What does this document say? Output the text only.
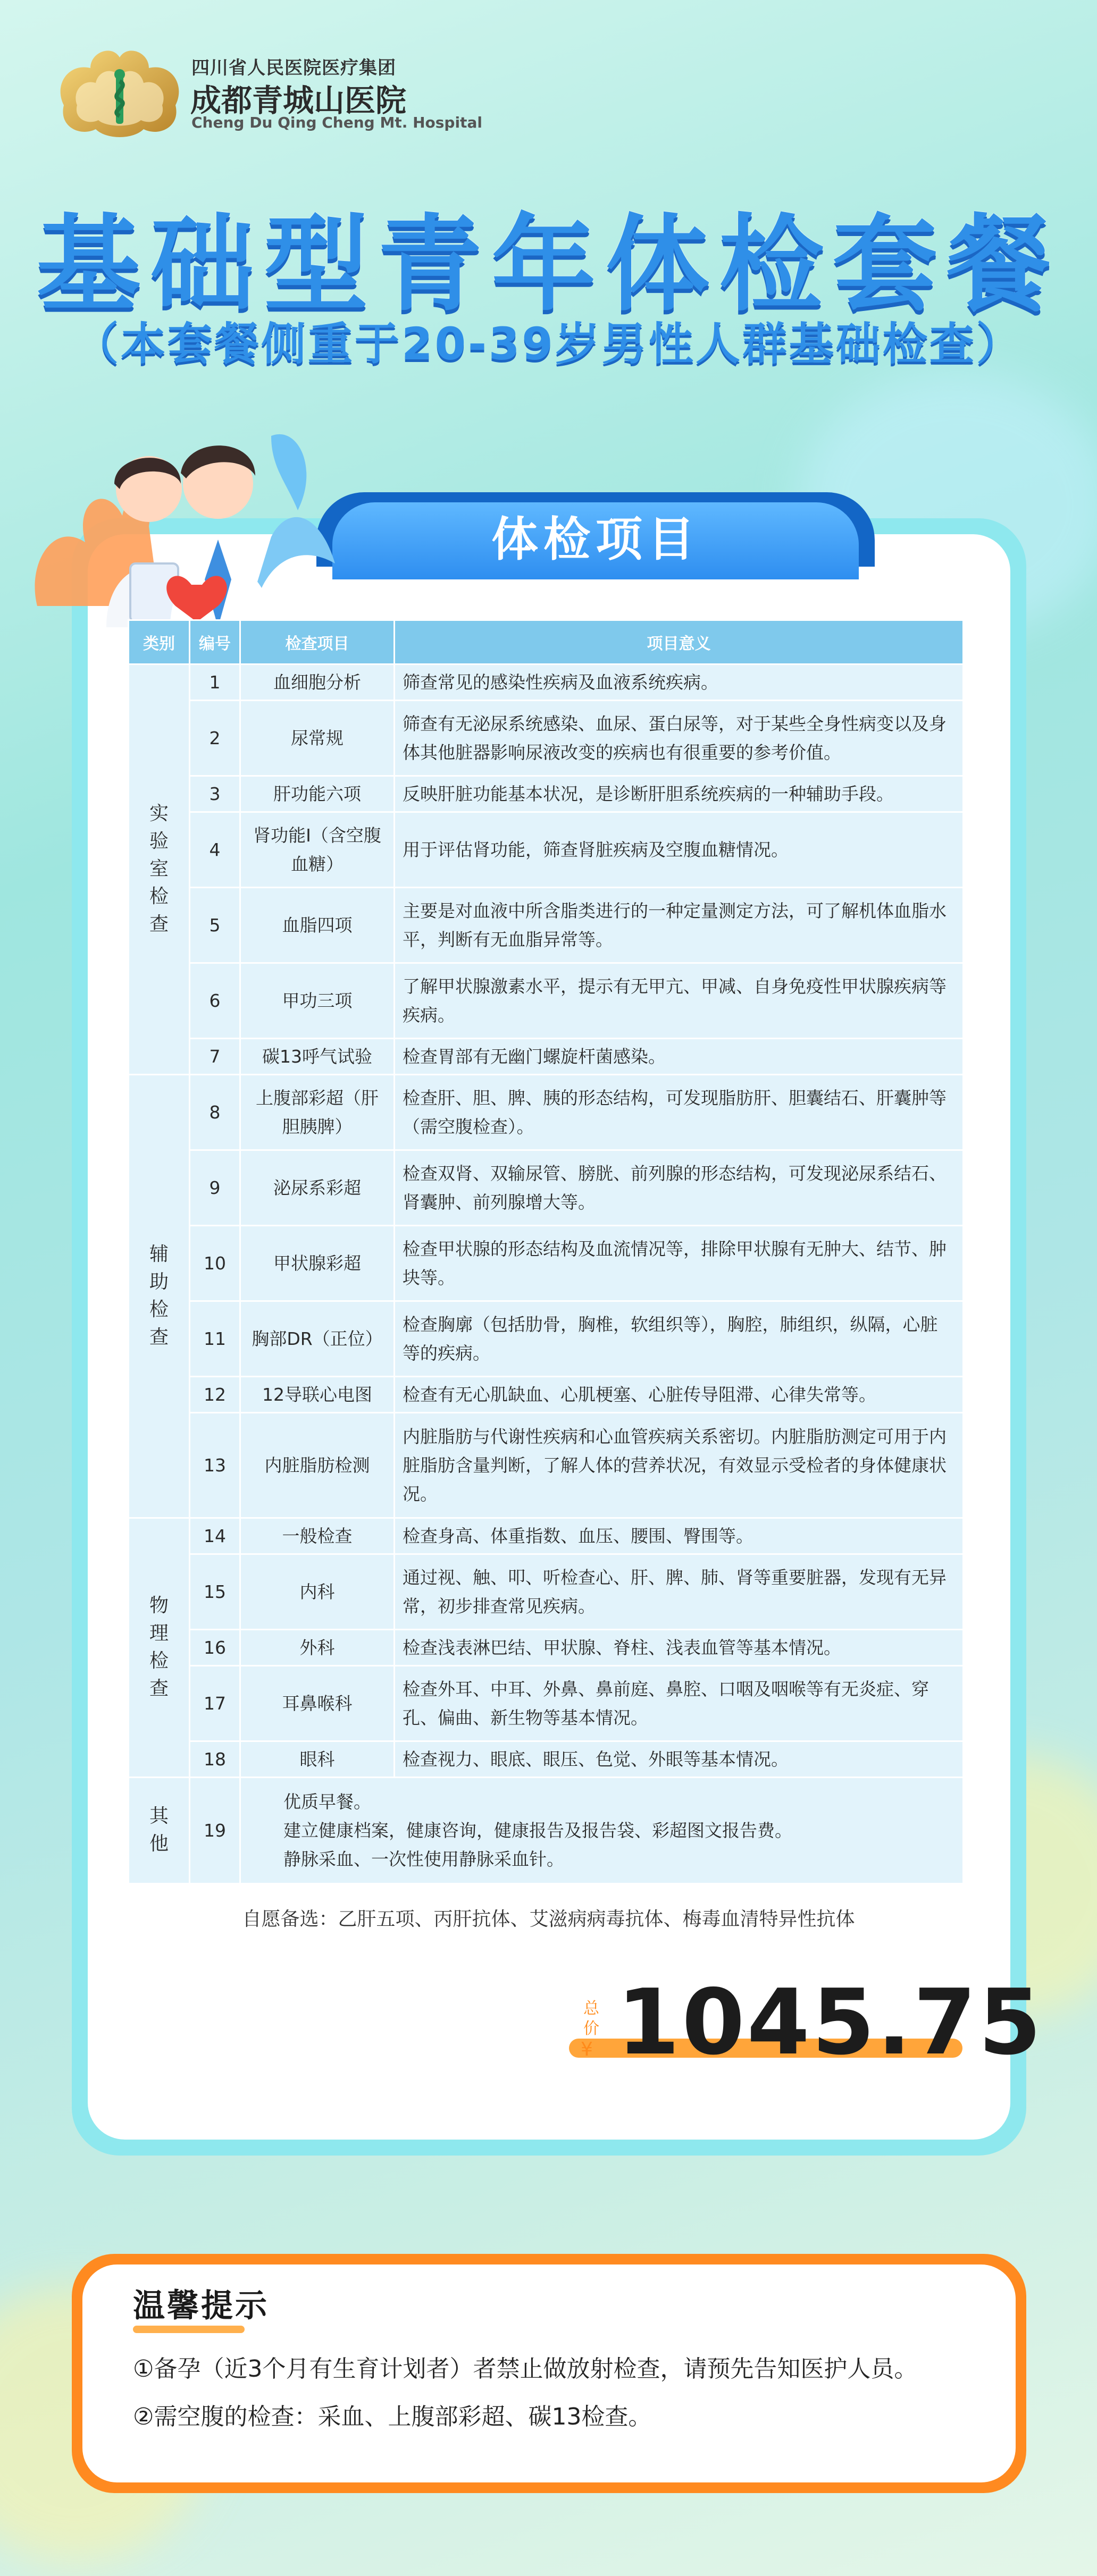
四川省人民医院医疗集团
成都青城山医院
Cheng Du Qing Cheng Mt. Hospital
基础型青年体检套餐
（本套餐侧重于20-39岁男性人群基础检查）
体检项目
类别	编号	检查项目	项目意义
实验室检查	1	血细胞分析	筛查常见的感染性疾病及血液系统疾病。
	2	尿常规	筛查有无泌尿系统感染、血尿、蛋白尿等，对于某些全身性病变以及身体其他脏器影响尿液改变的疾病也有很重要的参考价值。
	3	肝功能六项	反映肝脏功能基本状况，是诊断肝胆系统疾病的一种辅助手段。
	4	肾功能I（含空腹血糖）	用于评估肾功能，筛查肾脏疾病及空腹血糖情况。
	5	血脂四项	主要是对血液中所含脂类进行的一种定量测定方法，可了解机体血脂水平，判断有无血脂异常等。
	6	甲功三项	了解甲状腺激素水平，提示有无甲亢、甲减、自身免疫性甲状腺疾病等疾病。
	7	碳13呼气试验	检查胃部有无幽门螺旋杆菌感染。
辅助检查	8	上腹部彩超（肝胆胰脾）	检查肝、胆、脾、胰的形态结构，可发现脂肪肝、胆囊结石、肝囊肿等（需空腹检查）。
	9	泌尿系彩超	检查双肾、双输尿管、膀胱、前列腺的形态结构，可发现泌尿系结石、肾囊肿、前列腺增大等。
	10	甲状腺彩超	检查甲状腺的形态结构及血流情况等，排除甲状腺有无肿大、结节、肿块等。
	11	胸部DR（正位）	检查胸廓（包括肋骨，胸椎，软组织等），胸腔，肺组织，纵隔，心脏等的疾病。
	12	12导联心电图	检查有无心肌缺血、心肌梗塞、心脏传导阻滞、心律失常等。
	13	内脏脂肪检测	内脏脂肪与代谢性疾病和心血管疾病关系密切。内脏脂肪测定可用于内脏脂肪含量判断，了解人体的营养状况，有效显示受检者的身体健康状况。
物理检查	14	一般检查	检查身高、体重指数、血压、腰围、臀围等。
	15	内科	通过视、触、叩、听检查心、肝、脾、肺、肾等重要脏器，发现有无异常，初步排查常见疾病。
	16	外科	检查浅表淋巴结、甲状腺、脊柱、浅表血管等基本情况。
	17	耳鼻喉科	检查外耳、中耳、外鼻、鼻前庭、鼻腔、口咽及咽喉等有无炎症、穿孔、偏曲、新生物等基本情况。
	18	眼科	检查视力、眼底、眼压、色觉、外眼等基本情况。
其他	19	优质早餐。
建立健康档案，健康咨询，健康报告及报告袋、彩超图文报告费。
静脉采血、一次性使用静脉采血针。	
自愿备选：乙肝五项、丙肝抗体、艾滋病病毒抗体、梅毒血清特异性抗体
总价
¥ 1045.75
温馨提示
①备孕（近3个月有生育计划者）者禁止做放射检查，请预先告知医护人员。
②需空腹的检查：采血、上腹部彩超、碳13检查。
